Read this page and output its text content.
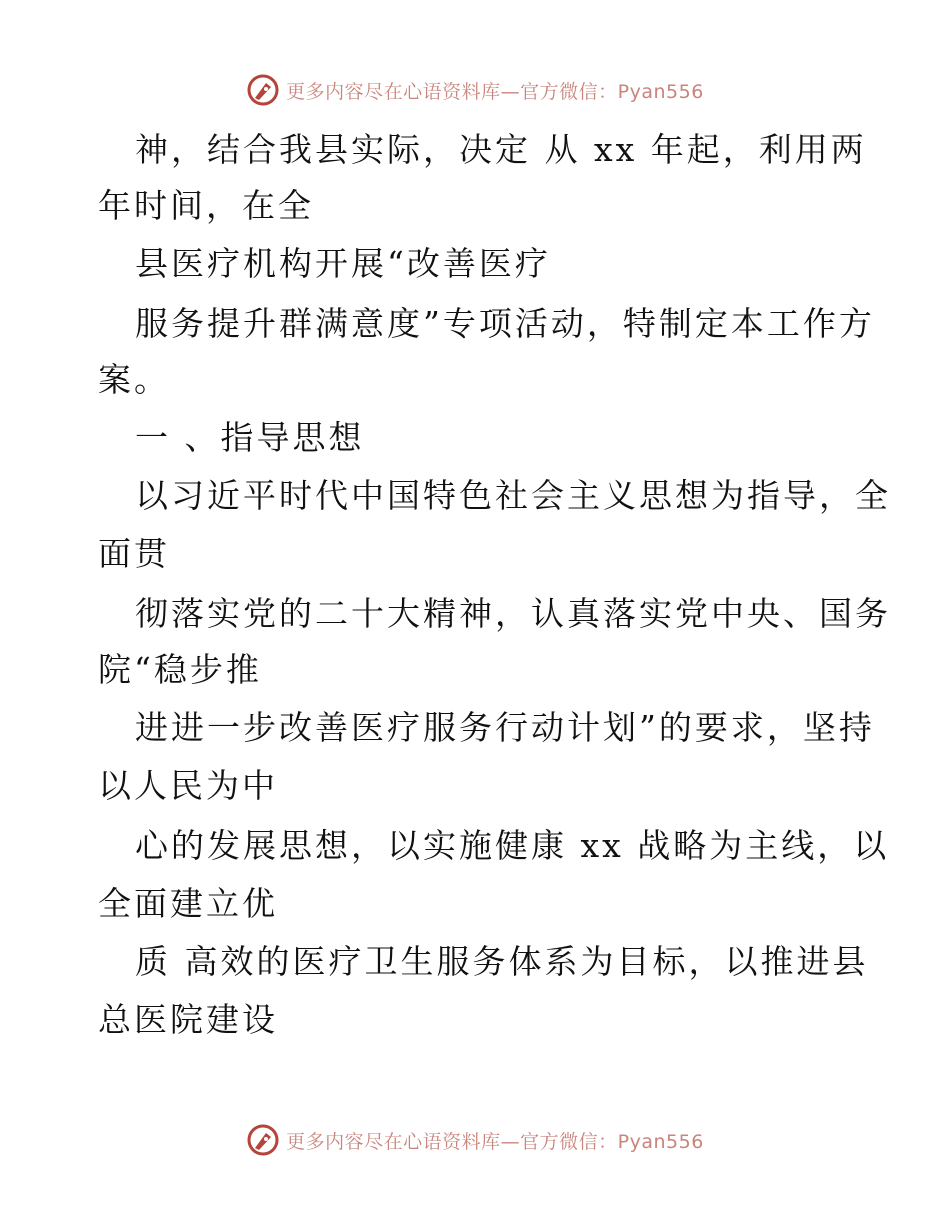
更多内容尽在心语资料库—官方微信：Pyan556
神，结合我县实际，决定 从 xx 年起，利用两
年时间，在全
县医疗机构开展“改善医疗
服务提升群满意度”专项活动，特制定本工作方
案。
一 、指导思想
以习近平时代中国特色社会主义思想为指导，全
面贯
彻落实党的二十大精神，认真落实党中央、国务
院“稳步推
进进一步改善医疗服务行动计划”的要求，坚持
以人民为中
心的发展思想，以实施健康 xx 战略为主线，以
全面建立优
质 高效的医疗卫生服务体系为目标，以推进县
总医院建设
更多内容尽在心语资料库—官方微信：Pyan556
